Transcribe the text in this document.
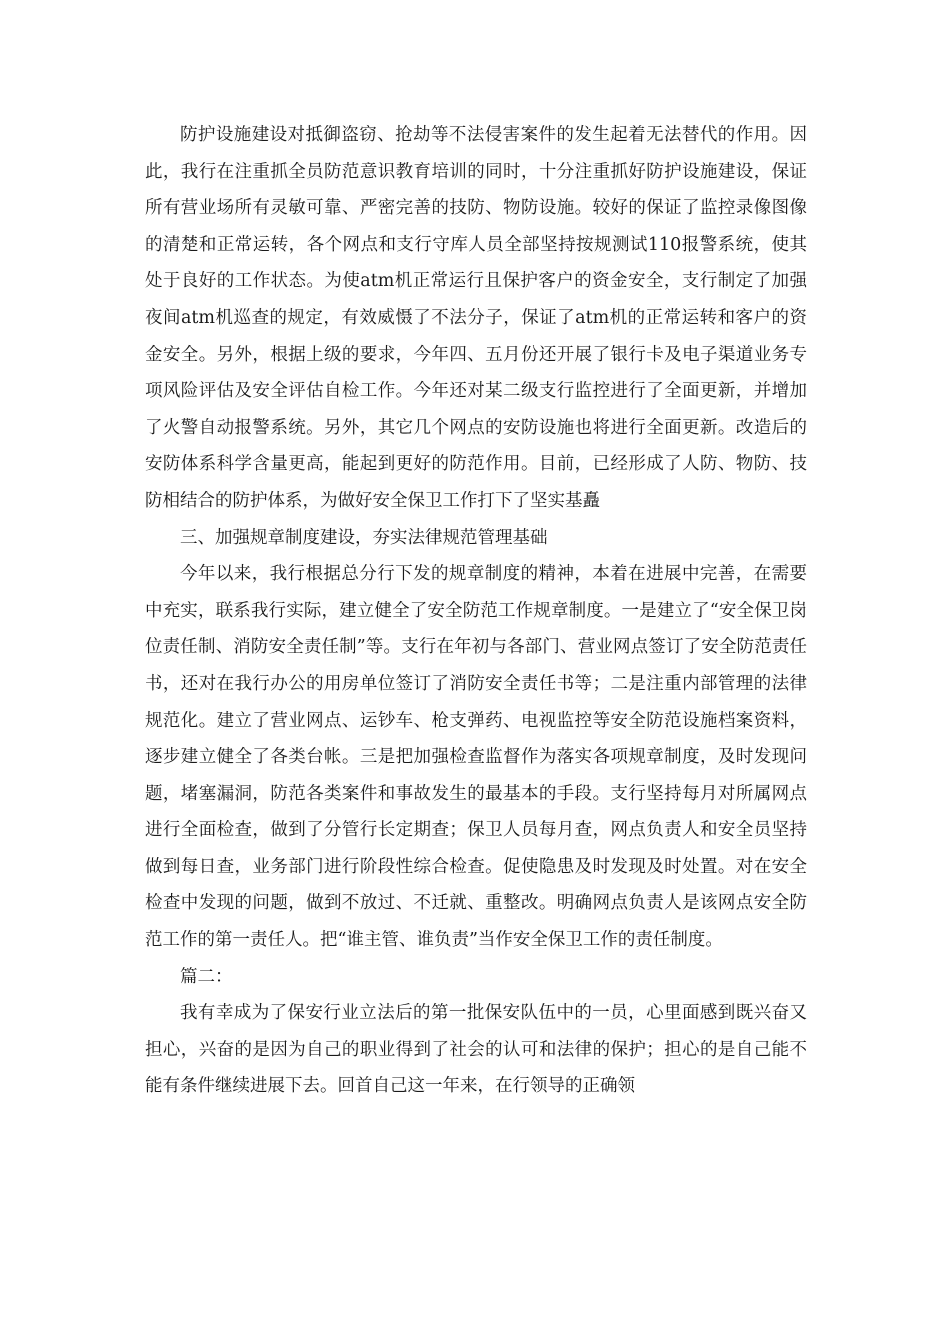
防护设施建设对抵御盗窃、抢劫等不法侵害案件的发生起着无法替代的作用。因此，我行在注重抓全员防范意识教育培训的同时，十分注重抓好防护设施建设，保证所有营业场所有灵敏可靠、严密完善的技防、物防设施。较好的保证了监控录像图像的清楚和正常运转，各个网点和支行守库人员全部坚持按规测试110报警系统，使其处于良好的工作状态。为使atm机正常运行且保护客户的资金安全，支行制定了加强夜间atm机巡查的规定，有效威慑了不法分子，保证了atm机的正常运转和客户的资金安全。另外，根据上级的要求，今年四、五月份还开展了银行卡及电子渠道业务专项风险评估及安全评估自检工作。今年还对某二级支行监控进行了全面更新，并增加了火警自动报警系统。另外，其它几个网点的安防设施也将进行全面更新。改造后的安防体系科学含量更高，能起到更好的防范作用。目前，已经形成了人防、物防、技防相结合的防护体系，为做好安全保卫工作打下了坚实基矗

三、加强规章制度建设，夯实法律规范管理基础

今年以来，我行根据总分行下发的规章制度的精神，本着在进展中完善，在需要中充实，联系我行实际，建立健全了安全防范工作规章制度。一是建立了“安全保卫岗位责任制、消防安全责任制”等。支行在年初与各部门、营业网点签订了安全防范责任书，还对在我行办公的用房单位签订了消防安全责任书等；二是注重内部管理的法律规范化。建立了营业网点、运钞车、枪支弹药、电视监控等安全防范设施档案资料，逐步建立健全了各类台帐。三是把加强检查监督作为落实各项规章制度，及时发现问题，堵塞漏洞，防范各类案件和事故发生的最基本的手段。支行坚持每月对所属网点进行全面检查，做到了分管行长定期查；保卫人员每月查，网点负责人和安全员坚持做到每日查，业务部门进行阶段性综合检查。促使隐患及时发现及时处置。对在安全检查中发现的问题，做到不放过、不迁就、重整改。明确网点负责人是该网点安全防范工作的第一责任人。把“谁主管、谁负责”当作安全保卫工作的责任制度。

篇二：

我有幸成为了保安行业立法后的第一批保安队伍中的一员，心里面感到既兴奋又担心，兴奋的是因为自己的职业得到了社会的认可和法律的保护；担心的是自己能不能有条件继续进展下去。回首自己这一年来，在行领导的正确领
